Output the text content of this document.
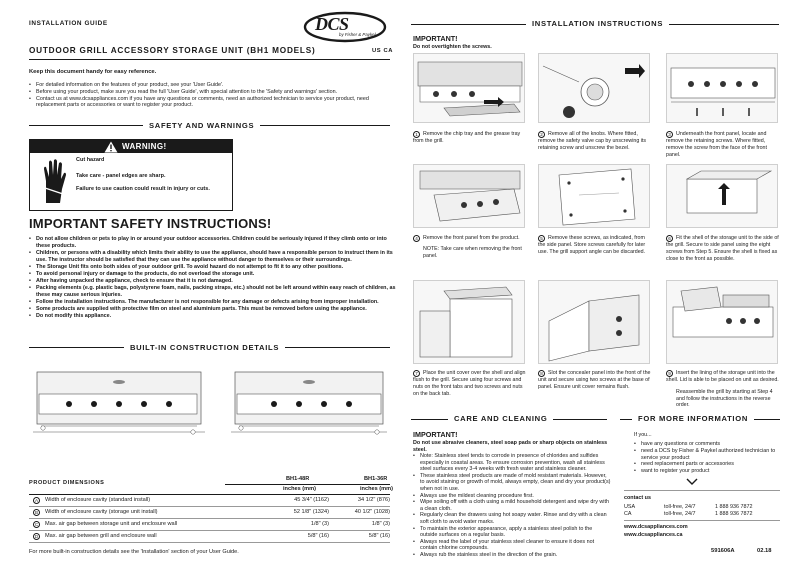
INSTALLATION GUIDE	DCS
by Fisher & Paykel
OUTDOOR GRILL ACCESSORY STORAGE UNIT (BH1 MODELS)	US CA
Keep this document handy for easy reference.
• For detailed information on the features of your product, see your 'User Guide'.
• Before using your product, make sure you read the full 'User Guide', with special attention to the 'Safety and warnings' section.
• Contact us at www.dcsappliances.com if you have any questions or comments, need an authorized technician to service your product, need replacement parts or accessories or want to register your product.
SAFETY AND WARNINGS
WARNING!
Cut hazard
Take care - panel edges are sharp.
Failure to use caution could result in injury or cuts.
IMPORTANT SAFETY INSTRUCTIONS!
• Do not allow children or pets to play in or around your outdoor accessories. Children could be seriously injured if they climb onto or into these products.
• Children, or persons with a disability which limits their ability to use the appliance, should have a responsible person to instruct them in its use. The instructor should be satisfied that they can use the appliance without danger to themselves or their surroundings.
• The Storage Unit fits onto both sides of your outdoor grill. To avoid hazard do not attempt to fit it to any other positions.
• To avoid personal injury or damage to the products, do not overload the storage unit.
• After having unpacked the appliance, check to ensure that it is not damaged.
• Packing elements (e.g. plastic bags, polystyrene foam, nails, packing straps, etc.) should not be left around within easy reach of children, as these may cause serious injuries.
• Follow the installation instructions. The manufacturer is not responsible for any damage or defects arising from improper installation.
• Some products are supplied with protective film on steel and aluminium parts. This must be removed before using the appliance.
• Do not modify this appliance.
BUILT-IN CONSTRUCTION DETAILS
PRODUCT DIMENSIONS
BH1-48R	BH1-36R
inches (mm)	inches (mm)
A	Width of enclosure cavity (standard install)	45 3/4" (1162)	34 1/2" (876)
B	Width of enclosure cavity (storage unit install)	52 1/8" (1324)	40 1/2" (1028)
C	Max. air gap between storage unit and enclosure wall	1/8" (3)	1/8" (3)
D	Max. air gap between grill and enclosure wall	5/8" (16)	5/8" (16)
For more built-in construction details see the 'Installation' section of your User Guide.
INSTALLATION INSTRUCTIONS
IMPORTANT!
Do not overtighten the screws.
1 Remove the chip tray and the grease tray from the grill.
2 Remove all of the knobs. Where fitted, remove the safety valve cap by unscrewing its retaining screw and unscrew the bezel.
3 Underneath the front panel, locate and remove the retaining screws. Where fitted, remove the screw from the face of the front panel.
4 Remove the front panel from the product.
NOTE: Take care when removing the front panel.
5 Remove these screws, as indicated, from the side panel. Store screws carefully for later use. The grill support angle can be discarded.
6 Fit the shell of the storage unit to the side of the grill. Secure to side panel using the eight screws from Step 5. Ensure the shell is fixed as close to the front as possible.
7 Place the unit cover over the shell and align flush to the grill. Secure using four screws and nuts on the front tabs and two screws and nuts on the back tab.
8 Slot the concealer panel into the front of the unit and secure using two screws at the base of panel. Ensure unit cover remains flush.
9 Insert the lining of the storage unit into the shell. Lid is able to be placed on unit as desired.
Reassemble the grill by starting at Step 4 and follow the instructions in the reverse order.
CARE AND CLEANING
IMPORTANT!
Do not use abrasive cleaners, steel soap pads or sharp objects on stainless steel.
• Note: Stainless steel tends to corrode in presence of chlorides and sulfides especially in coastal areas. To ensure corrosion prevention, wash all stainless steel surfaces every 3-4 weeks with fresh water and stainless cleaner.
• These stainless steel products are made of mold resistant materials. However, to avoid staining or growth of mold, always empty, clean and dry your product(s) when not in use.
• Always use the mildest cleaning procedure first.
• Wipe soiling off with a cloth using a mild household detergent and wipe dry with a clean cloth.
• Regularly clean the drawers using hot soapy water. Rinse and dry with a clean soft cloth to avoid water marks.
• To maintain the exterior appearance, apply a stainless steel polish to the outside surfaces on a regular basis.
• Always read the label of your stainless steel cleaner to ensure it does not contain chlorine compounds.
• Always rub the stainless steel in the direction of the grain.
FOR MORE INFORMATION
If you...
• have any questions or comments
• need a DCS by Fisher & Paykel authorized technician to service your product
• need replacement parts or accessories
• want to register your product
contact us
USA	toll-free, 24/7	1 888 936 7872
CA	toll-free, 24/7	1 888 936 7872
www.dcsappliances.com
www.dcsappliances.ca
591606A	02.18
